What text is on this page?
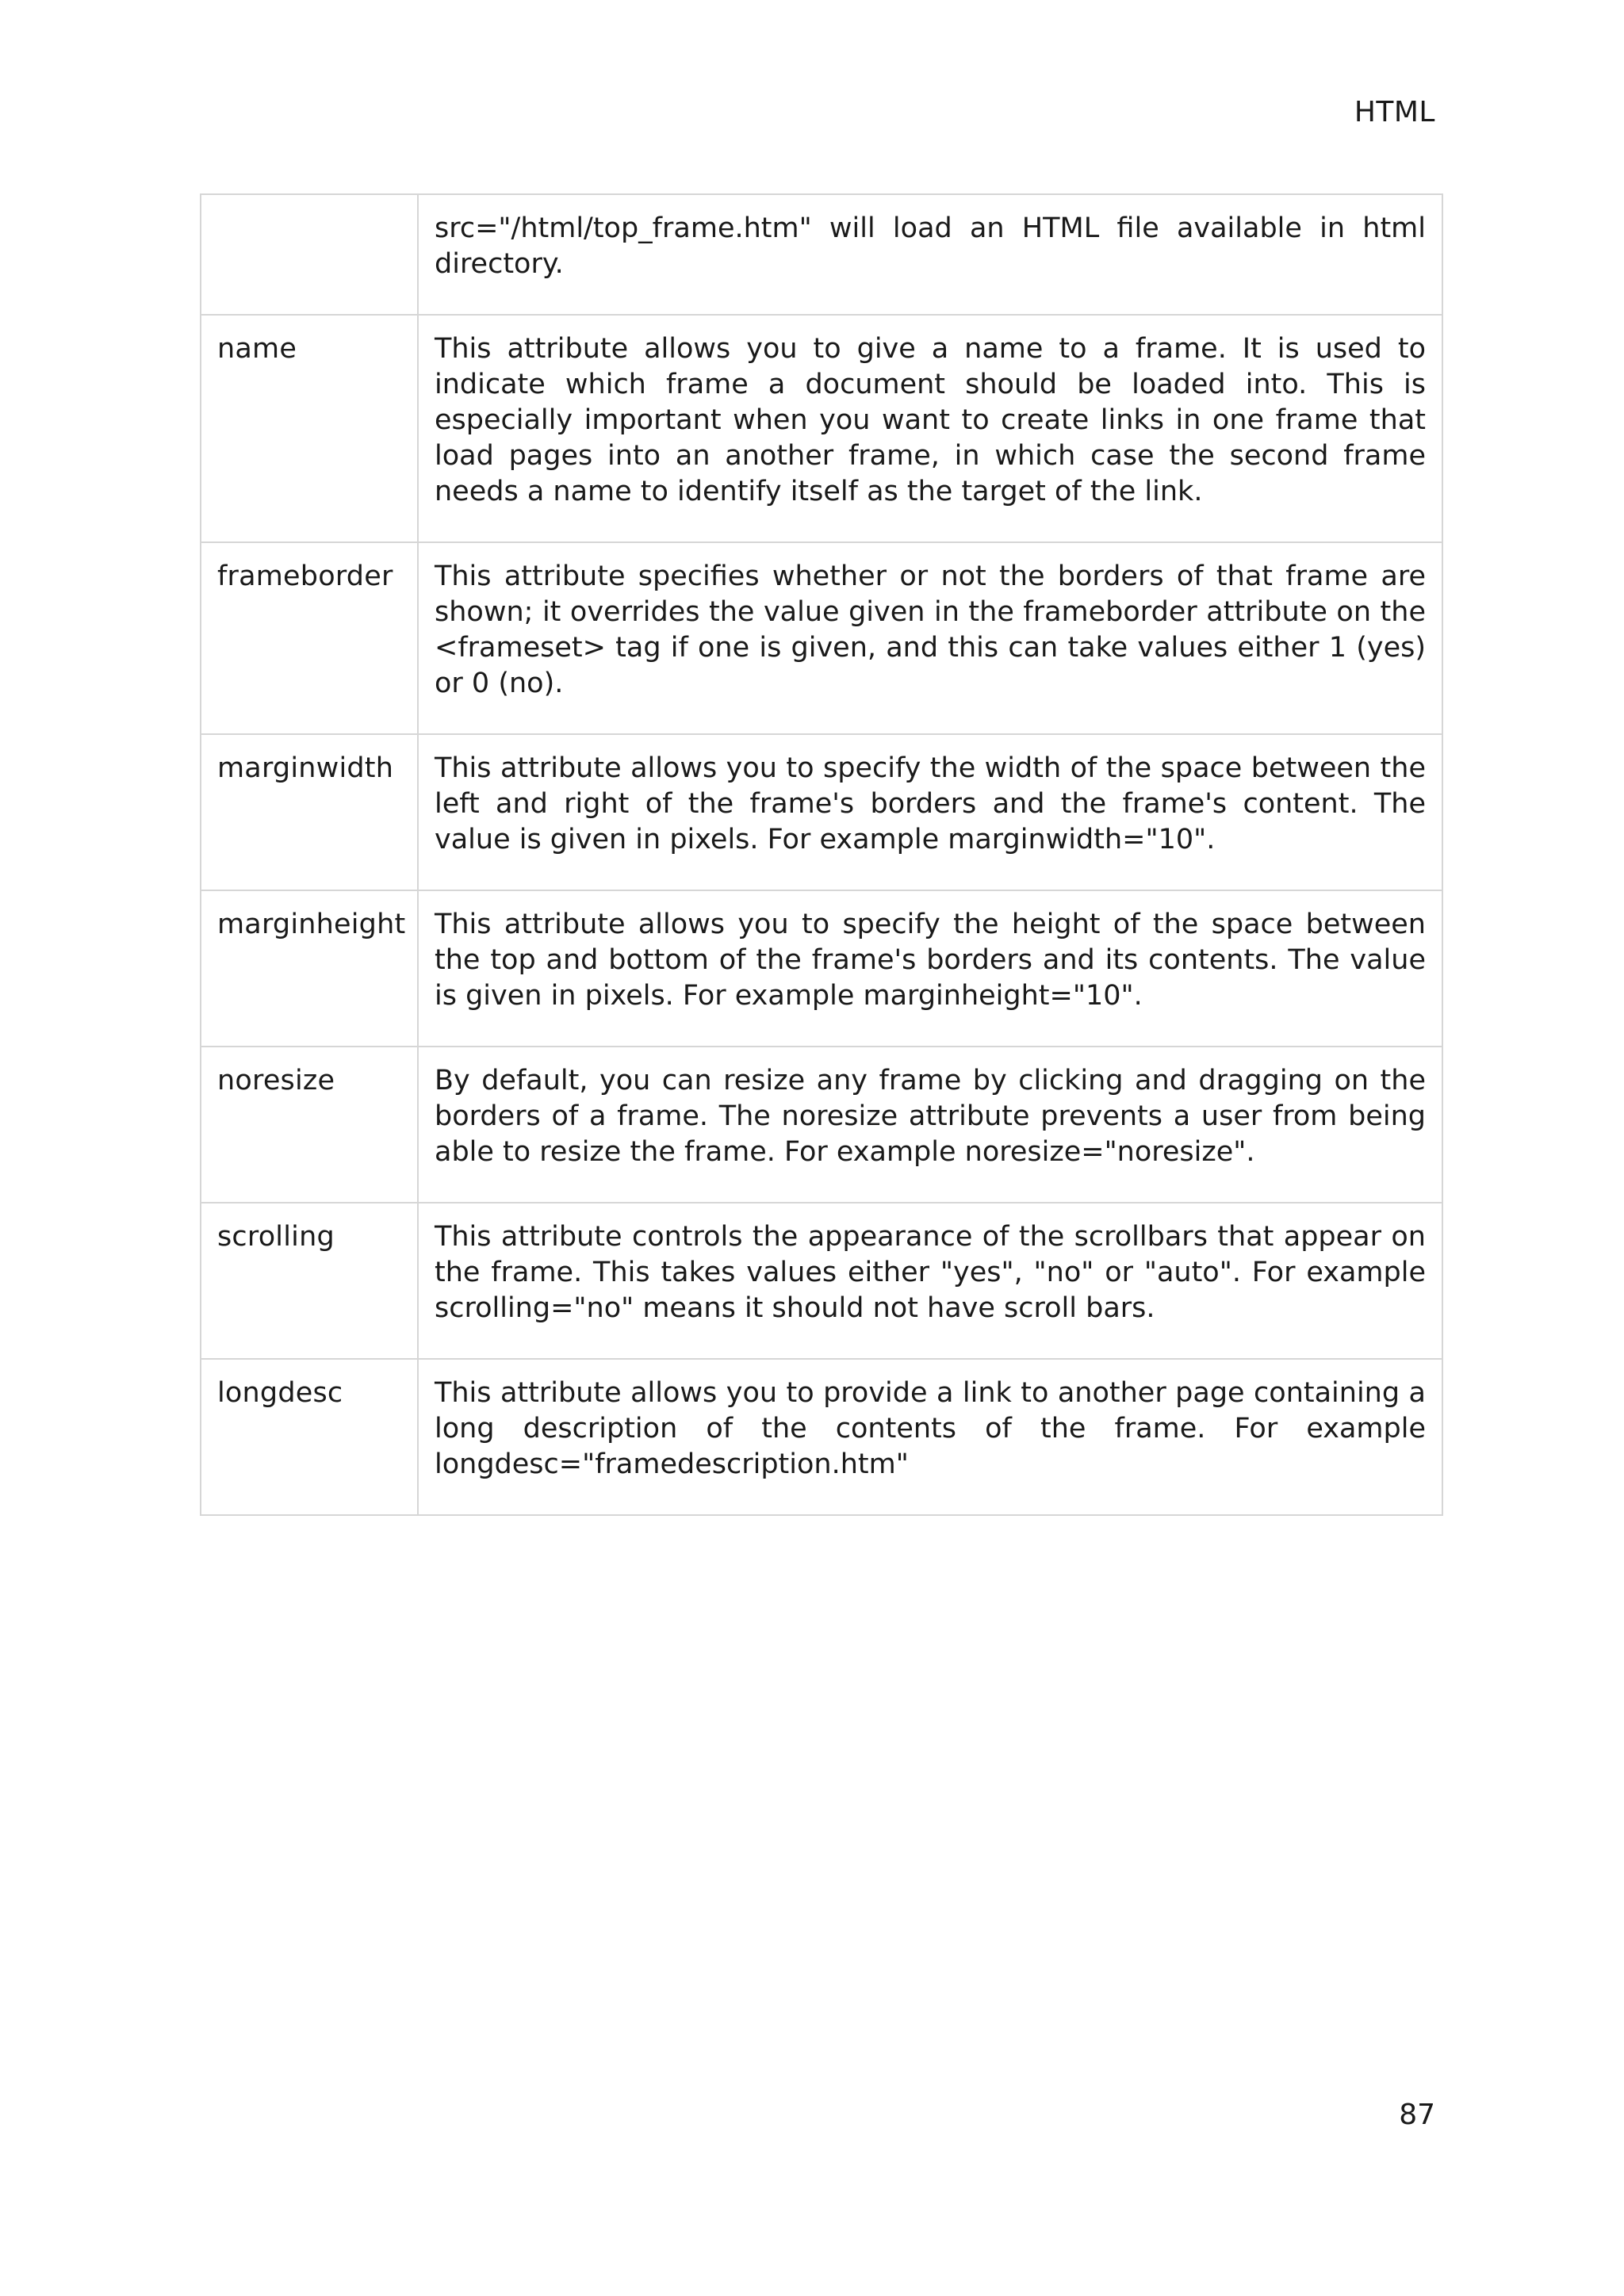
HTML
	src="/html/top_frame.htm" will load an HTML file available in html directory.
name	This attribute allows you to give a name to a frame. It is used to indicate which frame a document should be loaded into. This is especially important when you want to create links in one frame that load pages into an another frame, in which case the second frame needs a name to identify itself as the target of the link.
frameborder	This attribute specifies whether or not the borders of that frame are shown; it overrides the value given in the frameborder attribute on the <frameset> tag if one is given, and this can take values either 1 (yes) or 0 (no).
marginwidth	This attribute allows you to specify the width of the space between the left and right of the frame's borders and the frame's content. The value is given in pixels. For example marginwidth="10".
marginheight	This attribute allows you to specify the height of the space between the top and bottom of the frame's borders and its contents. The value is given in pixels. For example marginheight="10".
noresize	By default, you can resize any frame by clicking and dragging on the borders of a frame. The noresize attribute prevents a user from being able to resize the frame. For example noresize="noresize".
scrolling	This attribute controls the appearance of the scrollbars that appear on the frame. This takes values either "yes", "no" or "auto". For example scrolling="no" means it should not have scroll bars.
longdesc	This attribute allows you to provide a link to another page containing a long description of the contents of the frame. For example longdesc="framedescription.htm"
87
